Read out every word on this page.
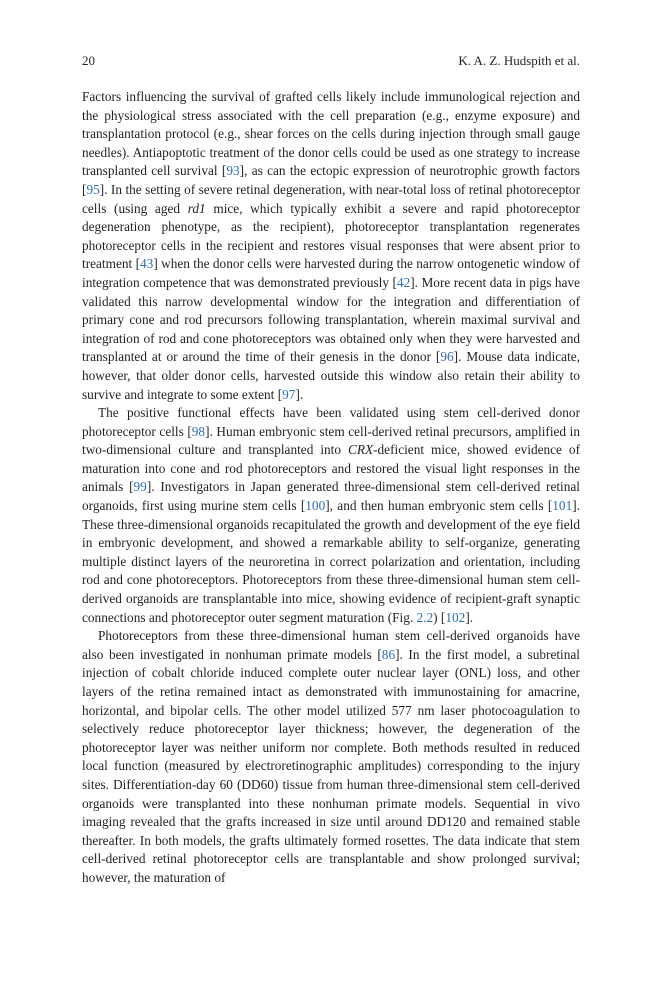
20	K. A. Z. Hudspith et al.

Factors influencing the survival of grafted cells likely include immunological rejection and the physiological stress associated with the cell preparation (e.g., enzyme exposure) and transplantation protocol (e.g., shear forces on the cells during injection through small gauge needles). Antiapoptotic treatment of the donor cells could be used as one strategy to increase transplanted cell survival [93], as can the ectopic expression of neurotrophic growth factors [95]. In the setting of severe retinal degeneration, with near-total loss of retinal photoreceptor cells (using aged rd1 mice, which typically exhibit a severe and rapid photoreceptor degeneration phenotype, as the recipient), photoreceptor transplantation regenerates photoreceptor cells in the recipient and restores visual responses that were absent prior to treatment [43] when the donor cells were harvested during the narrow ontogenetic window of integration competence that was demonstrated previously [42]. More recent data in pigs have validated this narrow developmental window for the integration and differentiation of primary cone and rod precursors following transplantation, wherein maximal survival and integration of rod and cone photoreceptors was obtained only when they were harvested and transplanted at or around the time of their genesis in the donor [96]. Mouse data indicate, however, that older donor cells, harvested outside this window also retain their ability to survive and integrate to some extent [97].

The positive functional effects have been validated using stem cell-derived donor photoreceptor cells [98]. Human embryonic stem cell-derived retinal precursors, amplified in two-dimensional culture and transplanted into CRX-deficient mice, showed evidence of maturation into cone and rod photoreceptors and restored the visual light responses in the animals [99]. Investigators in Japan generated three-dimensional stem cell-derived retinal organoids, first using murine stem cells [100], and then human embryonic stem cells [101]. These three-dimensional organoids recapitulated the growth and development of the eye field in embryonic development, and showed a remarkable ability to self-organize, generating multiple distinct layers of the neuroretina in correct polarization and orientation, including rod and cone photoreceptors. Photoreceptors from these three-dimensional human stem cell-derived organoids are transplantable into mice, showing evidence of recipient-graft synaptic connections and photoreceptor outer segment maturation (Fig. 2.2) [102].

Photoreceptors from these three-dimensional human stem cell-derived organoids have also been investigated in nonhuman primate models [86]. In the first model, a subretinal injection of cobalt chloride induced complete outer nuclear layer (ONL) loss, and other layers of the retina remained intact as demonstrated with immunostaining for amacrine, horizontal, and bipolar cells. The other model utilized 577 nm laser photocoagulation to selectively reduce photoreceptor layer thickness; however, the degeneration of the photoreceptor layer was neither uniform nor complete. Both methods resulted in reduced local function (measured by electroretinographic amplitudes) corresponding to the injury sites. Differentiation-day 60 (DD60) tissue from human three-dimensional stem cell-derived organoids were transplanted into these nonhuman primate models. Sequential in vivo imaging revealed that the grafts increased in size until around DD120 and remained stable thereafter. In both models, the grafts ultimately formed rosettes. The data indicate that stem cell-derived retinal photoreceptor cells are transplantable and show prolonged survival; however, the maturation of
